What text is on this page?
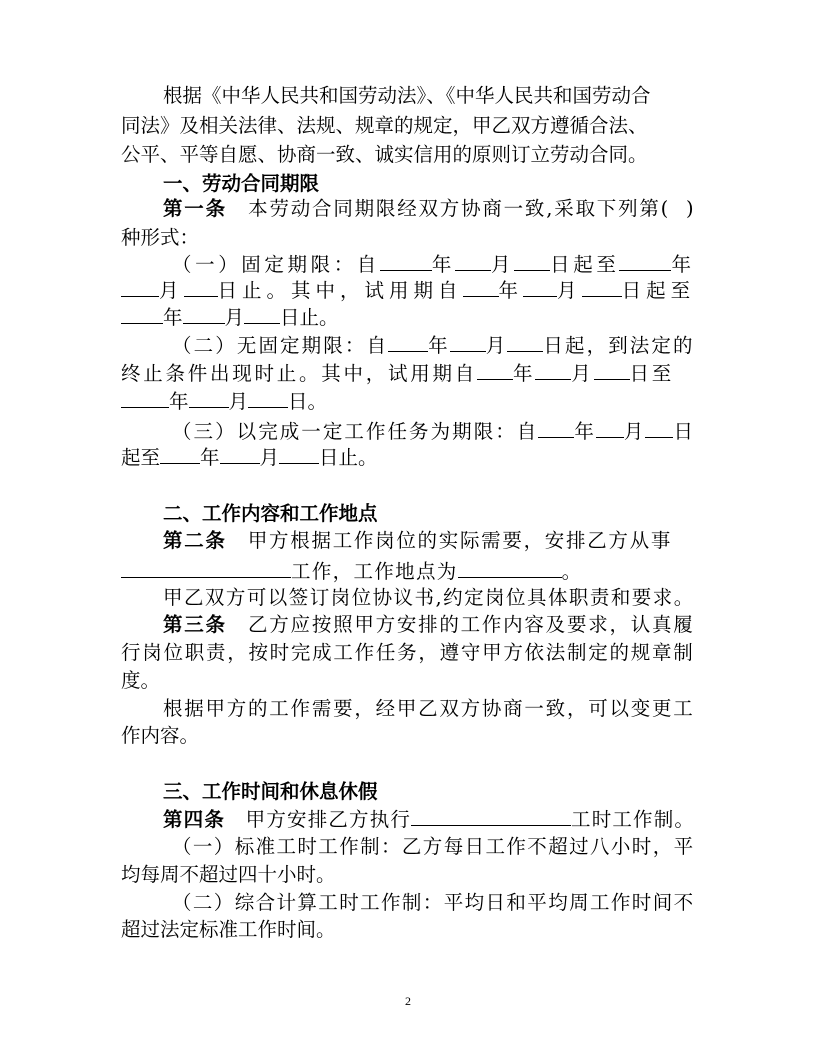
根据《中华人民共和国劳动法》、《中华人民共和国劳动合
同法》及相关法律、法规、规章的规定，甲乙双方遵循合法、
公平、平等自愿、协商一致、诚实信用的原则订立劳动合同。
一、劳动合同期限
第一条　本劳动合同期限经双方协商一致,采取下列第(  )
种形式：
（一）固定期限：自	年 月 日起至	年
月 日止。其中，试用期自 年 月 日起至
年 月 日止。
（二）无固定期限：自 年 月 日起，到法定的
终止条件出现时止。其中，试用期自 年 月 日至
年 月 日。
（三）以完成一定工作任务为期限：自 年 月 日
起至 年 月 日止。
二、工作内容和工作地点
第二条　甲方根据工作岗位的实际需要，安排乙方从事
工作，工作地点为	。
甲乙双方可以签订岗位协议书,约定岗位具体职责和要求。
第三条　乙方应按照甲方安排的工作内容及要求，认真履
行岗位职责，按时完成工作任务，遵守甲方依法制定的规章制
度。
根据甲方的工作需要，经甲乙双方协商一致，可以变更工
作内容。
三、工作时间和休息休假
第四条　甲方安排乙方执行	工时工作制。
（一）标准工时工作制：乙方每日工作不超过八小时，平
均每周不超过四十小时。
（二）综合计算工时工作制：平均日和平均周工作时间不
超过法定标准工作时间。
2
